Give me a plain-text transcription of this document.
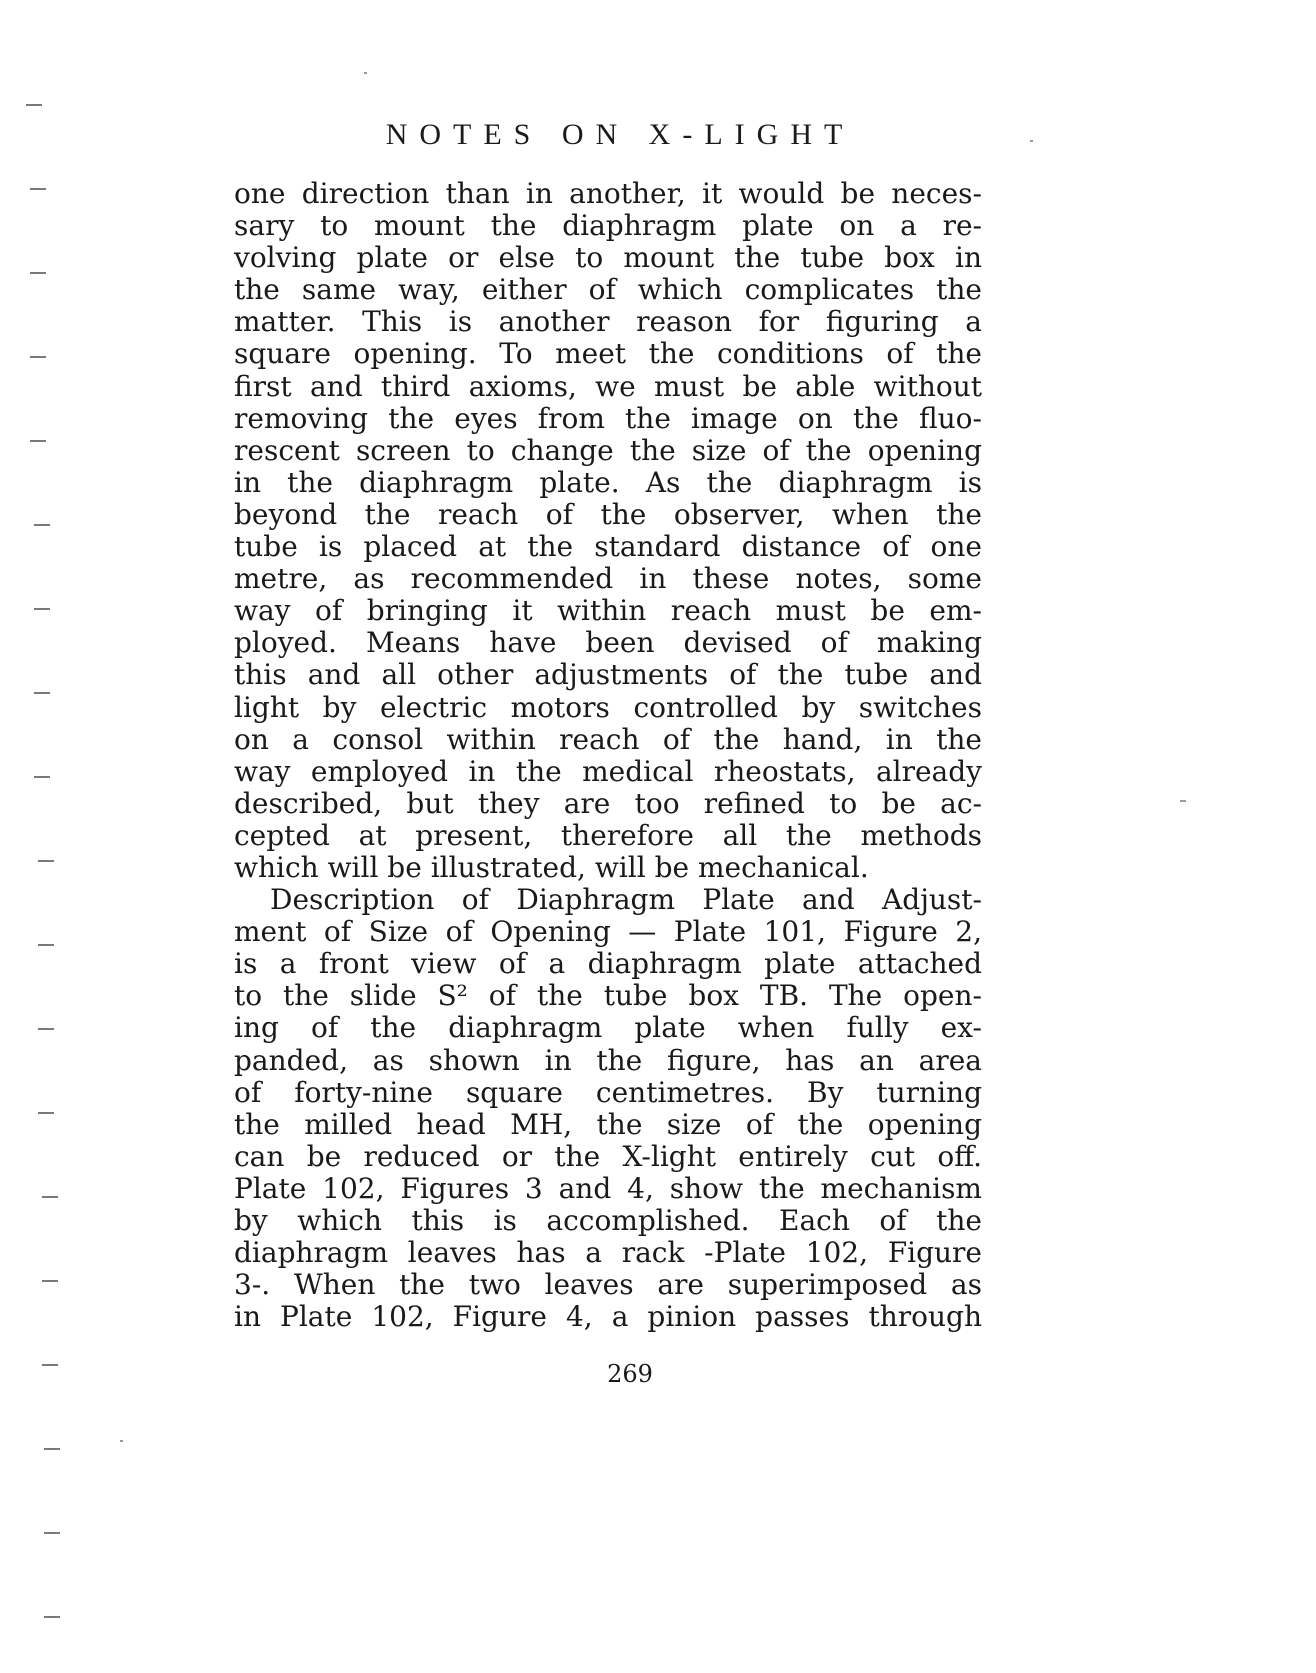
NOTES ON X-LIGHT
one direction than in another, it would be neces-
sary to mount the diaphragm plate on a re-
volving plate or else to mount the tube box in
the same way, either of which complicates the
matter. This is another reason for figuring a
square opening. To meet the conditions of the
first and third axioms, we must be able without
removing the eyes from the image on the fluo-
rescent screen to change the size of the opening
in the diaphragm plate. As the diaphragm is
beyond the reach of the observer, when the
tube is placed at the standard distance of one
metre, as recommended in these notes, some
way of bringing it within reach must be em-
ployed. Means have been devised of making
this and all other adjustments of the tube and
light by electric motors controlled by switches
on a consol within reach of the hand, in the
way employed in the medical rheostats, already
described, but they are too refined to be ac-
cepted at present, therefore all the methods
which will be illustrated, will be mechanical.
Description of Diaphragm Plate and Adjust-
ment of Size of Opening — Plate 101, Figure 2,
is a front view of a diaphragm plate attached
to the slide S² of the tube box TB. The open-
ing of the diaphragm plate when fully ex-
panded, as shown in the figure, has an area
of forty-nine square centimetres. By turning
the milled head MH, the size of the opening
can be reduced or the X-light entirely cut off.
Plate 102, Figures 3 and 4, show the mechanism
by which this is accomplished. Each of the
diaphragm leaves has a rack -Plate 102, Figure
3-. When the two leaves are superimposed as
in Plate 102, Figure 4, a pinion passes through
269
